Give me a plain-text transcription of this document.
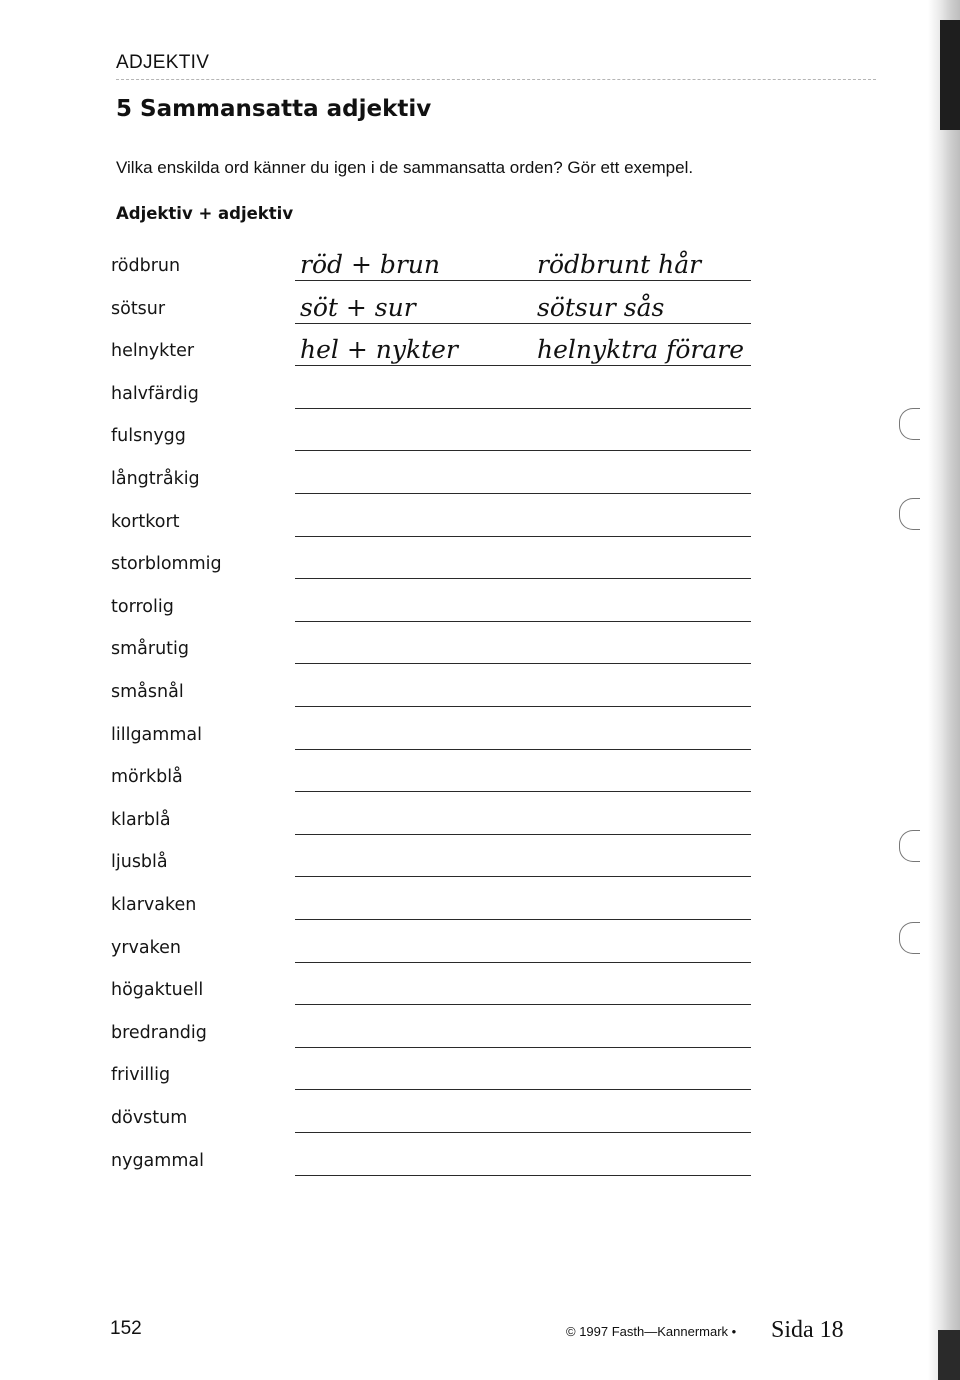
ADJEKTIV
5 Sammansatta adjektiv
Vilka enskilda ord känner du igen i de sammansatta orden? Gör ett exempel.
Adjektiv + adjektiv
rödbrun	röd + brun	rödbrunt hår
sötsur	söt + sur	sötsur sås
helnykter	hel + nykter	helnyktra förare
halvfärdig
fulsnygg
långtråkig
kortkort
storblommig
torrolig
smårutig
småsnål
lillgammal
mörkblå
klarblå
ljusblå
klarvaken
yrvaken
högaktuell
bredrandig
frivillig
dövstum
nygammal
152	© 1997 Fasth—Kannermark • Sida 18
